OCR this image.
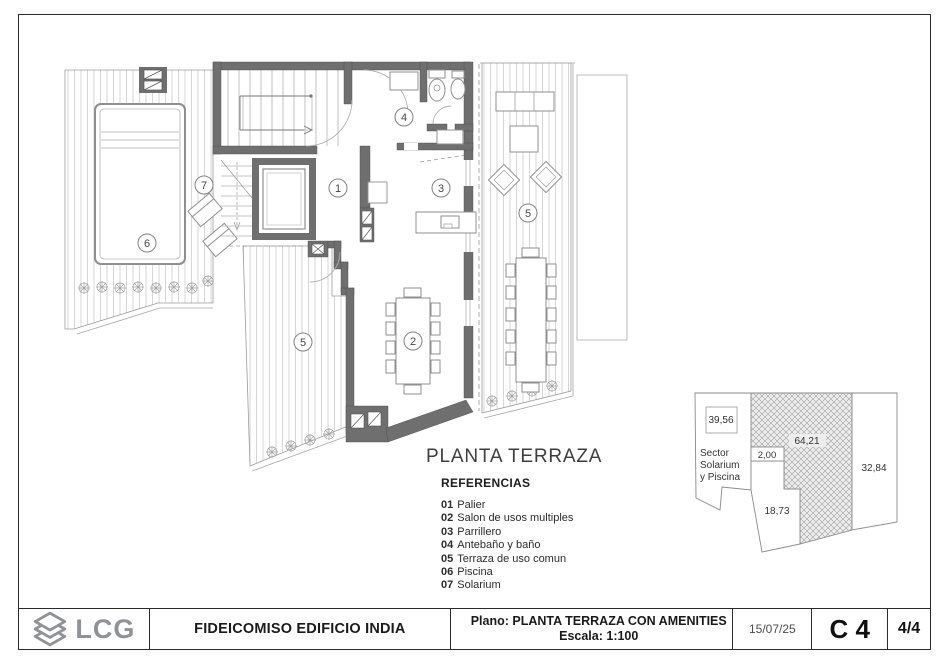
1
2
3
4
5
5
6
7
39,56
64,21
2,00
18,73
32,84
Sector
Solarium
y Piscina
PLANTA TERRAZA
REFERENCIAS
01 Palier
02 Salon de usos multiples
03 Parrillero
04 Antebaño y baño
05 Terraza de uso comun
06 Piscina
07 Solarium
LCG	FIDEICOMISO EDIFICIO INDIA	Plano: PLANTA TERRAZA CON AMENITIES
Escala: 1:100	15/07/25	C 4	4/4
